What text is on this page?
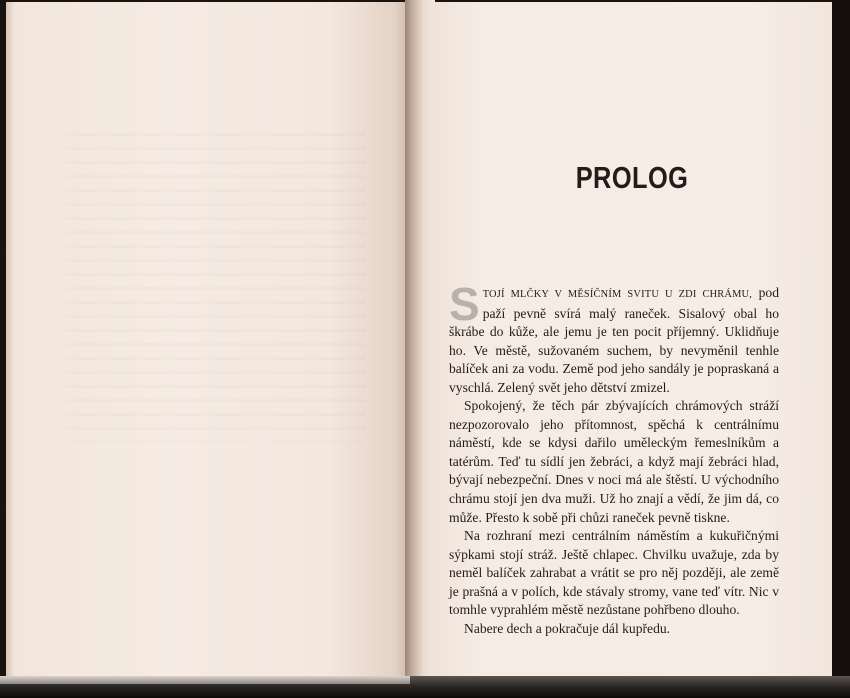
PROLOG

STOJÍ MLČKY V MĚSÍČNÍM SVITU U ZDI CHRÁMU, pod paží pevně svírá malý raneček. Sisalový obal ho škrábe do kůže, ale jemu je ten pocit příjemný. Uklidňuje ho. Ve městě, sužovaném suchem, by nevyměnil tenhle balíček ani za vodu. Země pod jeho sandály je popraskaná a vyschlá. Zelený svět jeho dětství zmizel.

Spokojený, že těch pár zbývajících chrámových stráží nezpozorovalo jeho přítomnost, spěchá k centrálnímu náměstí, kde se kdysi dařilo uměleckým řemeslníkům a tatérům. Teď tu sídlí jen žebráci, a když mají žebráci hlad, bývají nebezpeční. Dnes v noci má ale štěstí. U východního chrámu stojí jen dva muži. Už ho znají a vědí, že jim dá, co může. Přesto k sobě při chůzi raneček pevně tiskne.

Na rozhraní mezi centrálním náměstím a kukuřičnými sýpkami stojí stráž. Ještě chlapec. Chvilku uvažuje, zda by neměl balíček zahrabat a vrátit se pro něj později, ale země je prašná a v polích, kde stávaly stromy, vane teď vítr. Nic v tomhle vyprahlém městě nezůstane pohřbeno dlouho.

Nabere dech a pokračuje dál kupředu.
